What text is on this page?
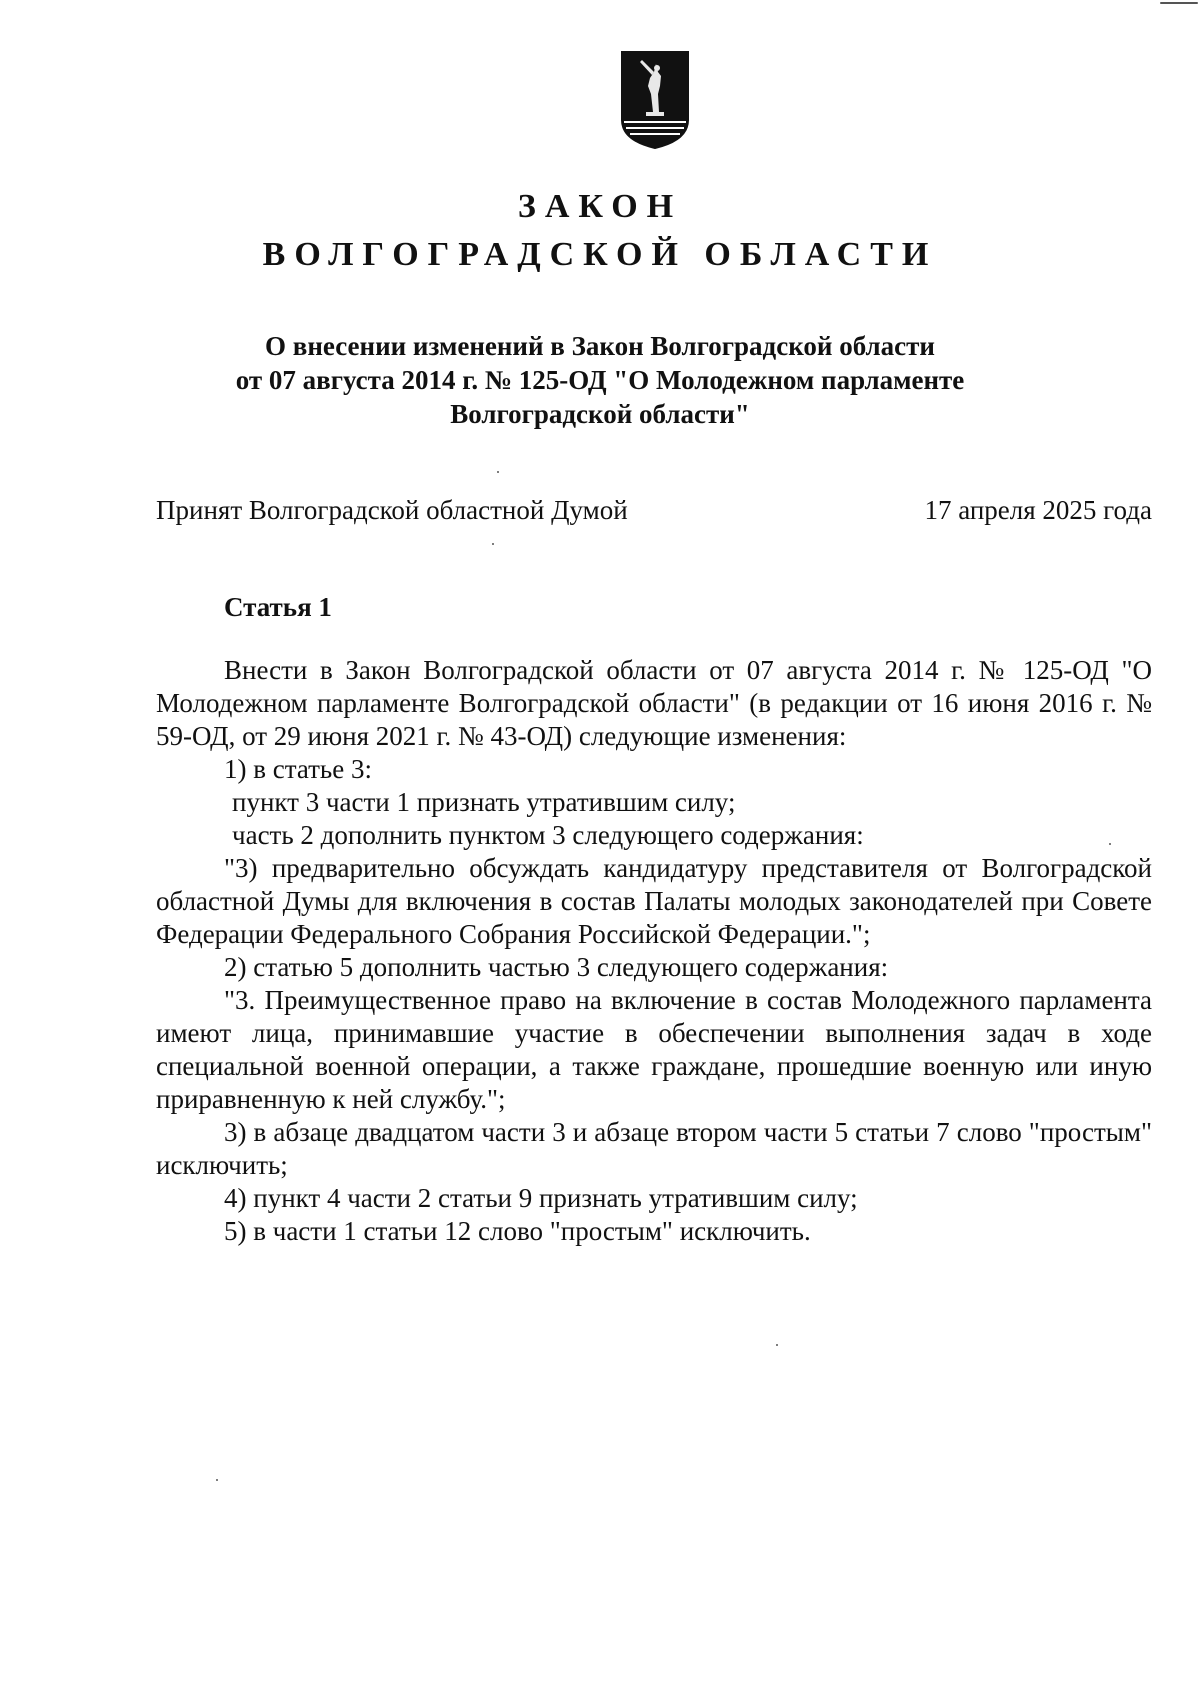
ЗАКОН
ВОЛГОГРАДСКОЙ ОБЛАСТИ
О внесении изменений в Закон Волгоградской области
от 07 августа 2014 г. № 125-ОД "О Молодежном парламенте
Волгоградской области"
Принят Волгоградской областной Думой	17 апреля 2025 года
Статья 1

Внести в Закон Волгоградской области от 07 августа 2014 г. № 125-ОД "О Молодежном парламенте Волгоградской области" (в редакции от 16 июня 2016 г. № 59-ОД, от 29 июня 2021 г. № 43-ОД) следующие изменения:

1) в статье 3:

пункт 3 части 1 признать утратившим силу;

часть 2 дополнить пунктом 3 следующего содержания:

"3) предварительно обсуждать кандидатуру представителя от Волгоградской областной Думы для включения в состав Палаты молодых законодателей при Совете Федерации Федерального Собрания Российской Федерации.";

2) статью 5 дополнить частью 3 следующего содержания:

"3. Преимущественное право на включение в состав Молодежного парламента имеют лица, принимавшие участие в обеспечении выполнения задач в ходе специальной военной операции, а также граждане, прошедшие военную или иную приравненную к ней службу.";

3) в абзаце двадцатом части 3 и абзаце втором части 5 статьи 7 слово "простым" исключить;

4) пункт 4 части 2 статьи 9 признать утратившим силу;

5) в части 1 статьи 12 слово "простым" исключить.
